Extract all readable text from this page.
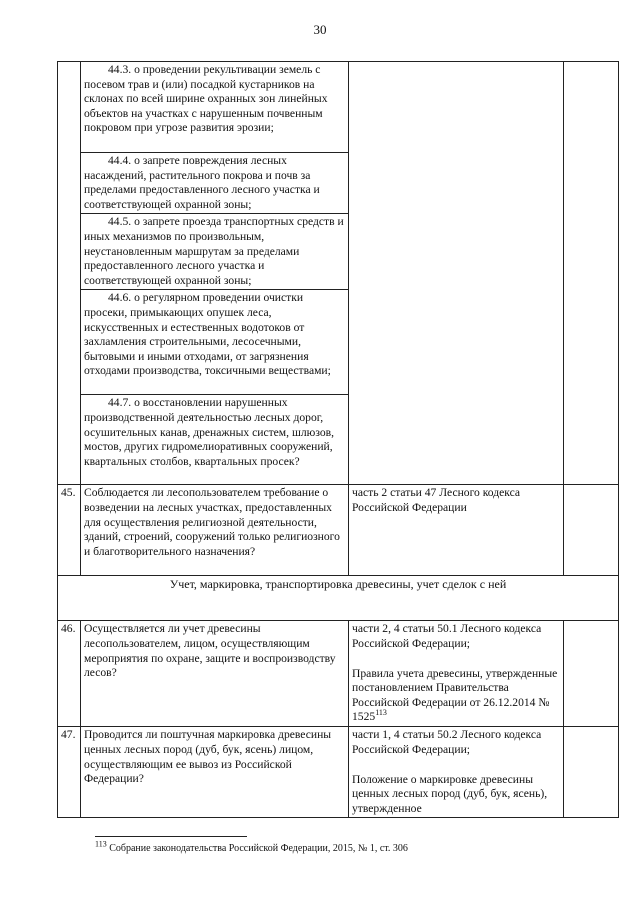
30
	44.3. о проведении рекультивации земель с посевом трав и (или) посадкой кустарников на склонах по всей ширине охранных зон линейных объектов на участках с нарушенным почвенным покровом при угрозе развития эрозии;		
	44.4. о запрете повреждения лесных насаждений, растительного покрова и почв за пределами предоставленного лесного участка и соответствующей охранной зоны;		
	44.5. о запрете проезда транспортных средств и иных механизмов по произвольным, неустановленным маршрутам за пределами предоставленного лесного участка и соответствующей охранной зоны;		
	44.6. о регулярном проведении очистки просеки, примыкающих опушек леса, искусственных и естественных водотоков от захламления строительными, лесосечными, бытовыми и иными отходами, от загрязнения отходами производства, токсичными веществами;		
	44.7. о восстановлении нарушенных производственной деятельностью лесных дорог, осушительных канав, дренажных систем, шлюзов, мостов, других гидромелиоративных сооружений, квартальных столбов, квартальных просек?		
45.	Соблюдается ли лесопользователем требование о возведении на лесных участках, предоставленных для осуществления религиозной деятельности, зданий, строений, сооружений только религиозного и благотворительного назначения?	часть 2 статьи 47 Лесного кодекса Российской Федерации	
Учет, маркировка, транспортировка древесины, учет сделок с ней			
46.	Осуществляется ли учет древесины лесопользователем, лицом, осуществляющим мероприятия по охране, защите и воспроизводству лесов?	части 2, 4 статьи 50.1 Лесного кодекса Российской Федерации;

Правила учета древесины, утвержденные постановлением Правительства Российской Федерации от 26.12.2014 № 1525$^{113}$

47.	Проводится ли поштучная маркировка древесины ценных лесных пород (дуб, бук, ясень) лицом, осуществляющим ее вывоз из Российской Федерации?	части 1, 4 статьи 50.2 Лесного кодекса Российской Федерации;

Положение о маркировке древесины ценных лесных пород (дуб, бук, ясень), утвержденное	

$^{113}$ Собрание законодательства Российской Федерации, 2015, № 1, ст. 306
